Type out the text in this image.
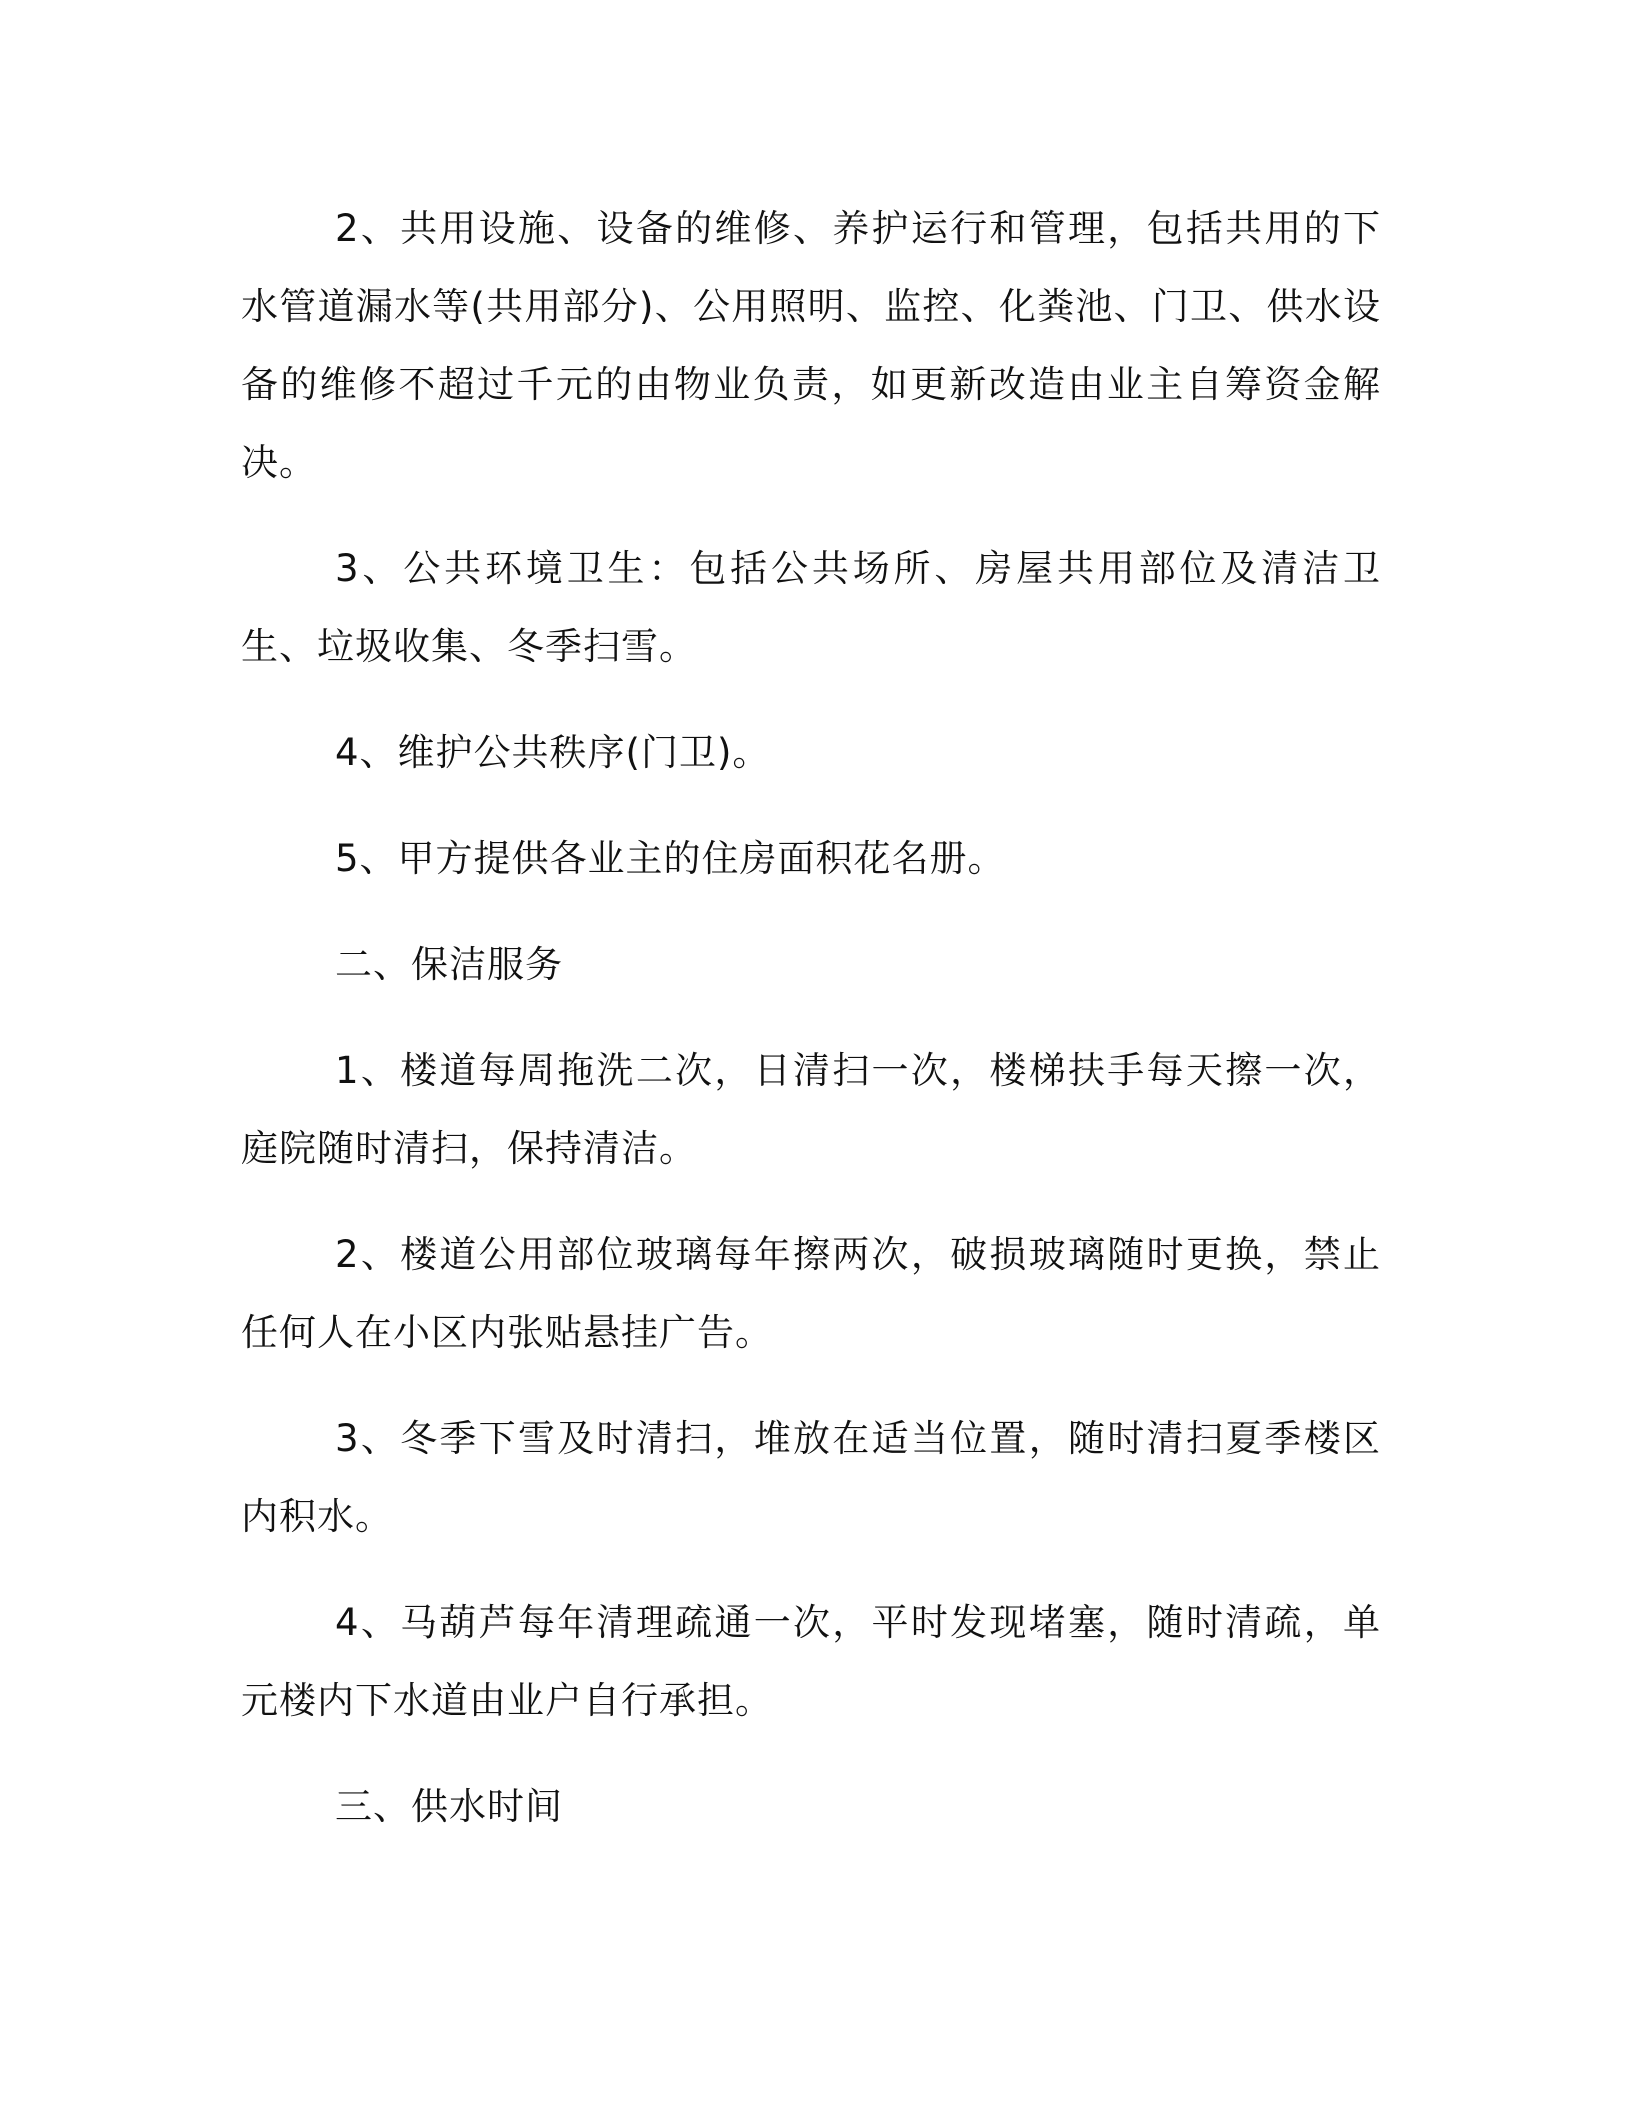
2、共用设施、设备的维修、养护运行和管理，包括共用的下水管道漏水等(共用部分)、公用照明、监控、化粪池、门卫、供水设备的维修不超过千元的由物业负责，如更新改造由业主自筹资金解决。

3、公共环境卫生：包括公共场所、房屋共用部位及清洁卫生、垃圾收集、冬季扫雪。

4、维护公共秩序(门卫)。

5、甲方提供各业主的住房面积花名册。

二、保洁服务

1、楼道每周拖洗二次，日清扫一次，楼梯扶手每天擦一次，庭院随时清扫，保持清洁。

2、楼道公用部位玻璃每年擦两次，破损玻璃随时更换，禁止任何人在小区内张贴悬挂广告。

3、冬季下雪及时清扫，堆放在适当位置，随时清扫夏季楼区内积水。

4、马葫芦每年清理疏通一次，平时发现堵塞，随时清疏，单元楼内下水道由业户自行承担。

三、供水时间
